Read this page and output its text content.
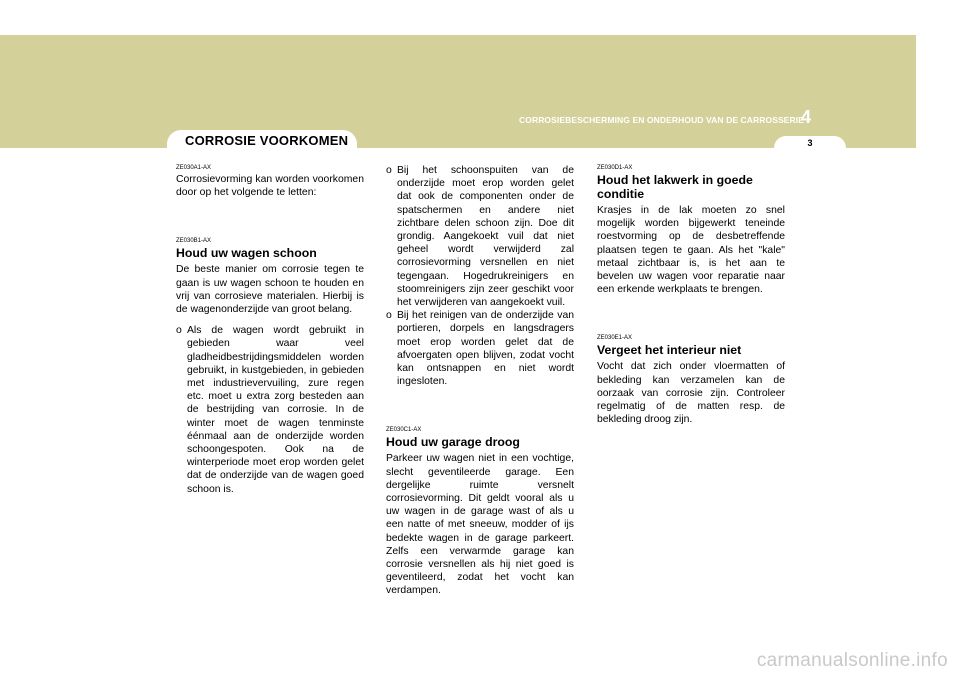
CORROSIEBESCHERMING EN ONDERHOUD VAN DE CARROSSERIE
4
3
CORROSIE VOORKOMEN
ZE030A1-AX

Corrosievorming kan worden voorkomen door op het volgende te letten:

ZE030B1-AX
Houd uw wagen schoon

De beste manier om corrosie tegen te gaan is uw wagen schoon te houden en vrij van corrosieve materialen. Hierbij is de wagenonderzijde van groot belang.

o Als de wagen wordt gebruikt in gebieden waar veel gladheidbestrijdingsmiddelen worden gebruikt, in kustgebieden, in gebieden met industrievervuiling, zure regen etc. moet u extra zorg besteden aan de bestrijding van corrosie. In de winter moet de wagen tenminste éénmaal aan de onderzijde worden schoongespoten. Ook na de winterperiode moet erop worden gelet dat de onderzijde van de wagen goed schoon is.
o Bij het schoonspuiten van de onderzijde moet erop worden gelet dat ook de componenten onder de spatschermen en andere niet zichtbare delen schoon zijn. Doe dit grondig. Aangekoekt vuil dat niet geheel wordt verwijderd zal corrosievorming versnellen en niet tegengaan. Hogedrukreinigers en stoomreinigers zijn zeer geschikt voor het verwijderen van aangekoekt vuil.
o Bij het reinigen van de onderzijde van portieren, dorpels en langsdragers moet erop worden gelet dat de afvoergaten open blijven, zodat vocht kan ontsnappen en niet wordt ingesloten.
ZE030C1-AX
Houd uw garage droog

Parkeer uw wagen niet in een vochtige, slecht geventileerde garage. Een dergelijke ruimte versnelt corrosievorming. Dit geldt vooral als u uw wagen in de garage wast of als u een natte of met sneeuw, modder of ijs bedekte wagen in de garage parkeert. Zelfs een verwarmde garage kan corrosie versnellen als hij niet goed is geventileerd, zodat het vocht kan verdampen.

ZE030D1-AX
Houd het lakwerk in goede conditie

Krasjes in de lak moeten zo snel mogelijk worden bijgewerkt teneinde roestvorming op de desbetreffende plaatsen tegen te gaan. Als het "kale" metaal zichtbaar is, is het aan te bevelen uw wagen voor reparatie naar een erkende werkplaats te brengen.

ZE030E1-AX
Vergeet het interieur niet

Vocht dat zich onder vloermatten of bekleding kan verzamelen kan de oorzaak van corrosie zijn. Controleer regelmatig of de matten resp. de bekleding droog zijn.

carmanualsonline.info
